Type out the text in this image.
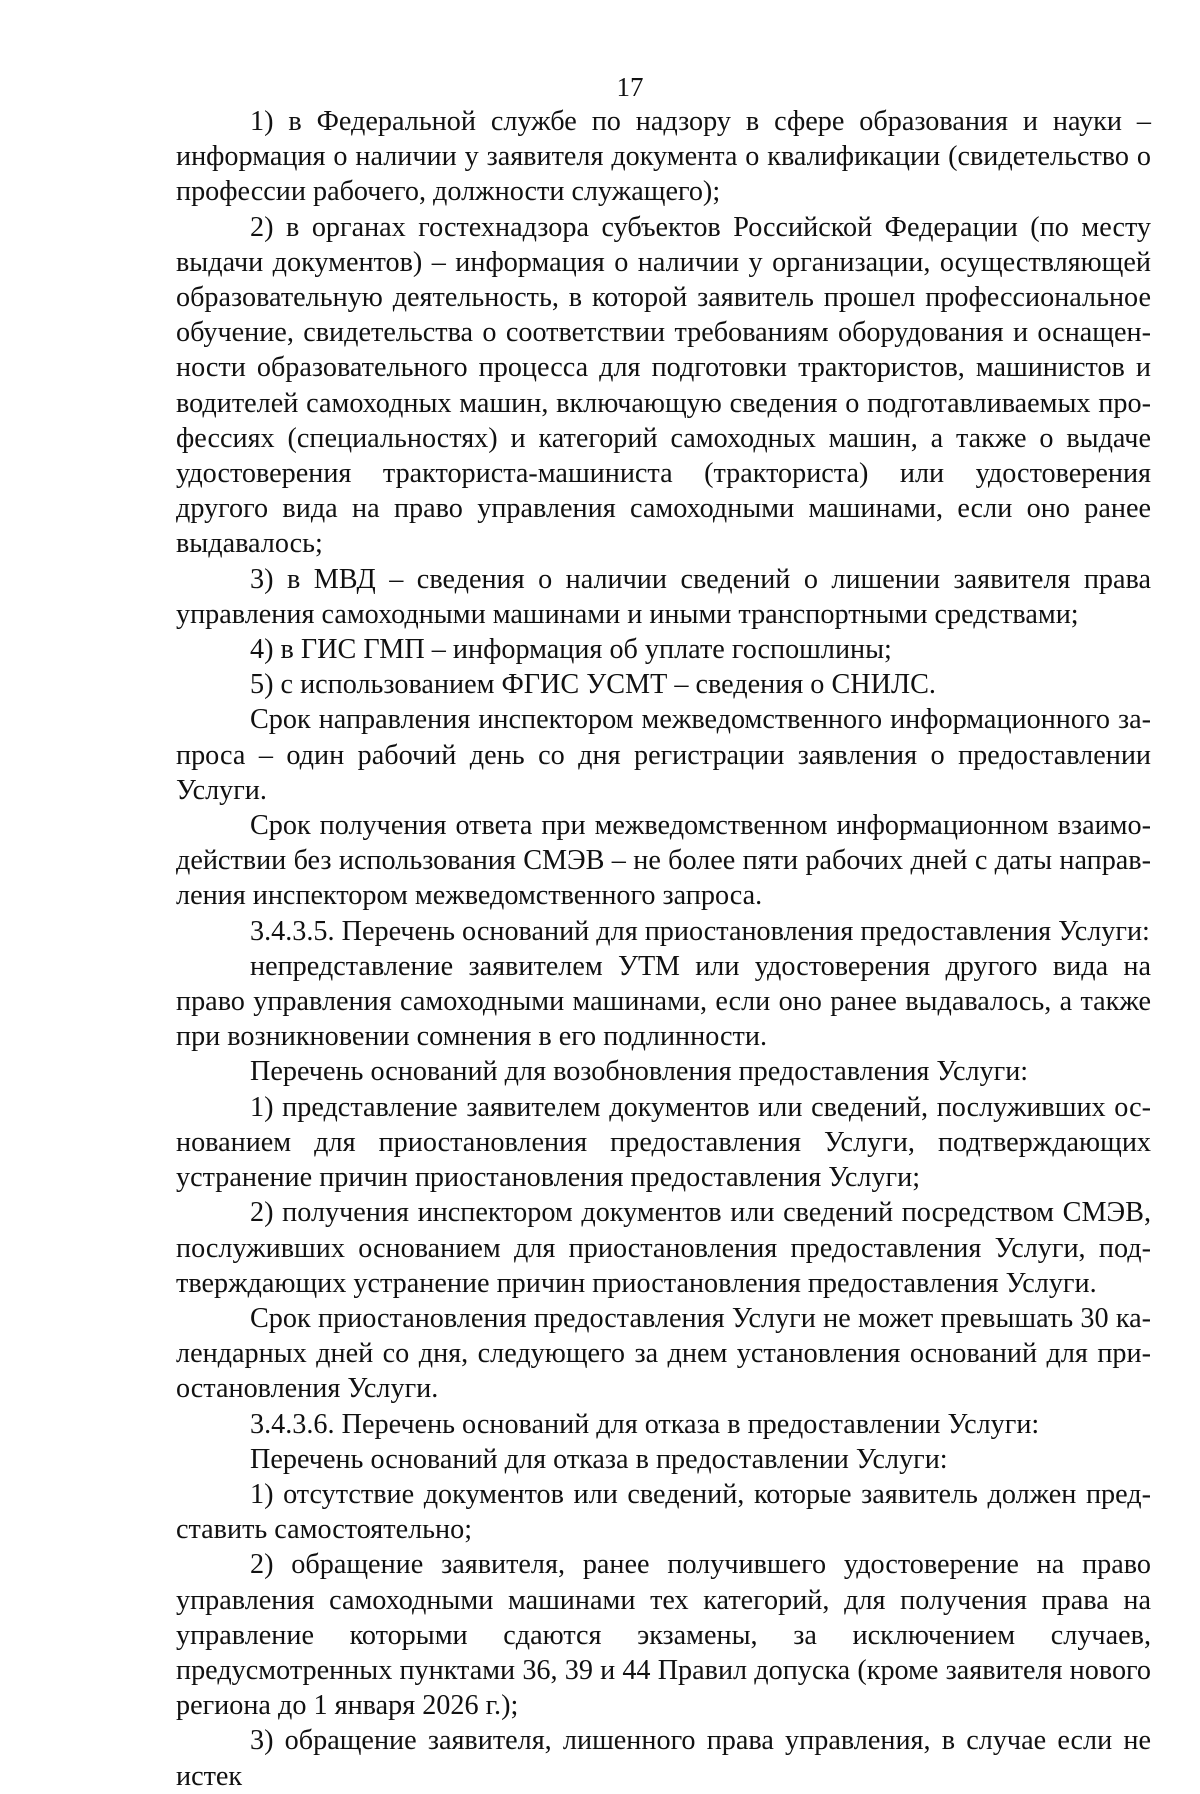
17

1) в Федеральной службе по надзору в сфере образования и науки – информация о наличии у заявителя документа о квалификации (свидетельство о профессии рабочего, должности служащего);

2) в органах гостехнадзора субъектов Российской Федерации (по месту выдачи документов) – информация о наличии у организации, осуществляющей образовательную деятельность, в которой заявитель прошел профессиональное обучение, свидетельства о соответствии требованиям оборудования и оснащенности образовательного процесса для подготовки трактористов, машинистов и водителей самоходных машин, включающую сведения о подготавливаемых профессиях (специальностях) и категорий самоходных машин, а также о выдаче удостоверения тракториста-машиниста (тракториста) или удостоверения другого вида на право управления самоходными машинами, если оно ранее выдавалось;

3) в МВД – сведения о наличии сведений о лишении заявителя права управления самоходными машинами и иными транспортными средствами;

4) в ГИС ГМП – информация об уплате госпошлины;

5) с использованием ФГИС УСМТ – сведения о СНИЛС.

Срок направления инспектором межведомственного информационного запроса – один рабочий день со дня регистрации заявления о предоставлении Услуги.

Срок получения ответа при межведомственном информационном взаимодействии без использования СМЭВ – не более пяти рабочих дней с даты направления инспектором межведомственного запроса.

3.4.3.5. Перечень оснований для приостановления предоставления Услуги:

непредставление заявителем УТМ или удостоверения другого вида на право управления самоходными машинами, если оно ранее выдавалось, а также при возникновении сомнения в его подлинности.

Перечень оснований для возобновления предоставления Услуги:

1) представление заявителем документов или сведений, послуживших основанием для приостановления предоставления Услуги, подтверждающих устранение причин приостановления предоставления Услуги;

2) получения инспектором документов или сведений посредством СМЭВ, послуживших основанием для приостановления предоставления Услуги, подтверждающих устранение причин приостановления предоставления Услуги.

Срок приостановления предоставления Услуги не может превышать 30 календарных дней со дня, следующего за днем установления оснований для приостановления Услуги.

3.4.3.6. Перечень оснований для отказа в предоставлении Услуги:

Перечень оснований для отказа в предоставлении Услуги:

1) отсутствие документов или сведений, которые заявитель должен представить самостоятельно;

2) обращение заявителя, ранее получившего удостоверение на право управления самоходными машинами тех категорий, для получения права на управление которыми сдаются экзамены, за исключением случаев, предусмотренных пунктами 36, 39 и 44 Правил допуска (кроме заявителя нового региона до 1 января 2026 г.);

3) обращение заявителя, лишенного права управления, в случае если не истек
